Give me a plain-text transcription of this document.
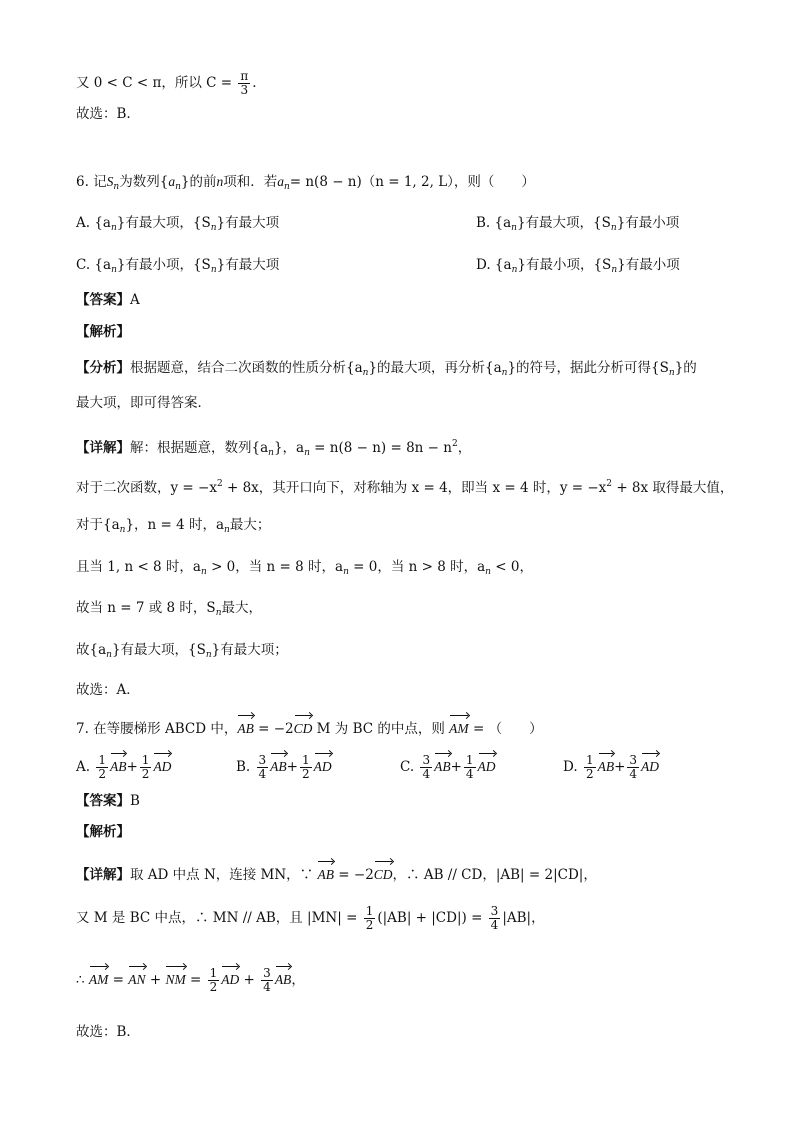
又 0 < C < π，所以 $C = \frac{\pi}{3}$ .
故选：B.
6. 记$S_n$为数列$\{a_n\}$的前n项和．若$a_n= n(8 - n)(n = 1$, 2, L），则（　　）
A. $\{a_n\}$有最大项，$\{S_n\}$有最大项	B. $\{a_n\}$有最大项，$\{S_n\}$有最小项
C. $\{a_n\}$有最小项，$\{S_n\}$有最大项	D. $\{a_n\}$有最小项，$\{S_n\}$有最小项
【答案】A
【解析】
【分析】根据题意，结合二次函数的性质分析$\{a_n\}$的最大项，再分析$\{a_n\}$的符号，据此分析可得$\{S_n\}$的
最大项，即可得答案．
【详解】解：根据题意，数列$\{a_n\}$，$a_n = n(8 - n) = 8n - n^2$，
对于二次函数，$y = -x^2 + 8x$，其开口向下，对称轴为 x = 4，即当 x = 4 时，$y = -x^2 + 8x$ 取得最大值，
对于$\{a_n\}$，n = 4 时，$a_n$最大；
且当 1, n < 8 时，$a_n > 0$，当 n = 8 时，$a_n = 0$，当 n > 8 时，$a_n < 0$，
故当 n = 7 或 8 时，$S_n$最大，
故$\{a_n\}$有最大项，$\{S_n\}$有最大项；
故选：A．
7. 在等腰梯形 ABCD 中，AB = −2CD M 为 BC 的中点，则 AM = （　　）
A. $\frac{1}{2} AB+ \frac{1}{2}$ AD	B. $\frac{3}{4} AB+ \frac{1}{2}$ AD	C. $\frac{3}{4} AB+ \frac{1}{4}$ AD	D. $\frac{1}{2} AB+ \frac{3}{4}$ AD
【答案】B
【解析】
【详解】取 AD 中点 N，连接 MN，∵ AB = −2CD，∴ AB // CD，|AB| = 2|CD|，
又 M 是 BC 中点，∴ MN // AB，且 $|MN| = \frac{1}{2} (|AB| + |CD|) = \frac{3}{4} |AB|$，
∴ AM = AN + NM = $\frac{1}{2}$ AD + $\frac{3}{4}$ AB，
故选：B．
